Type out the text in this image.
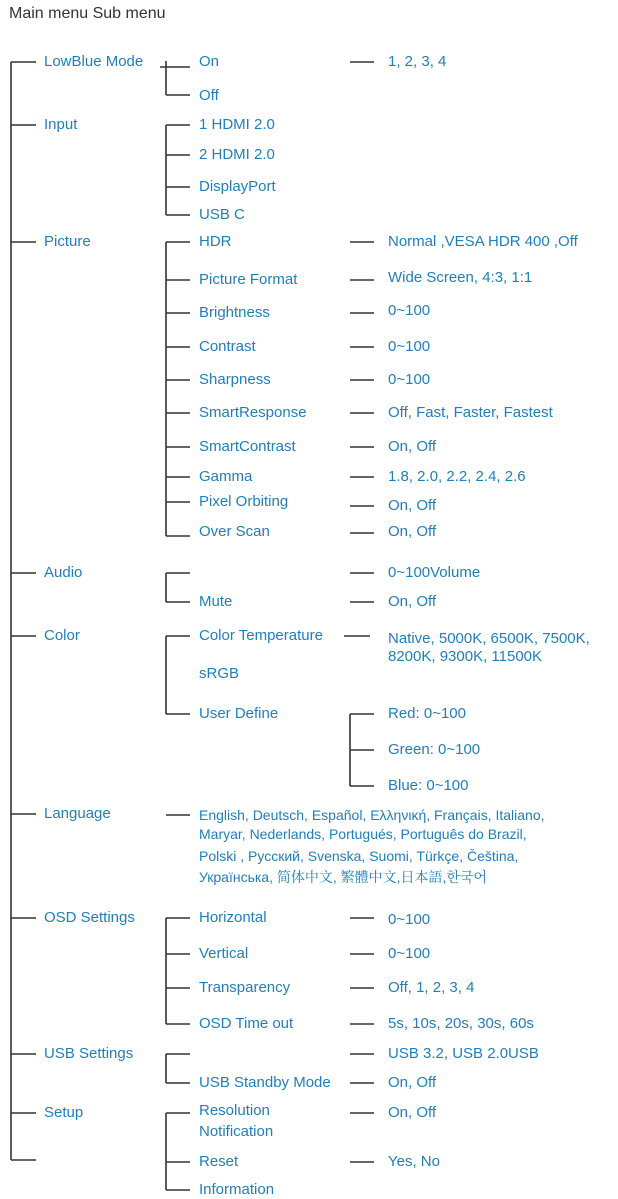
Main menu Sub menu
LowBlue Mode
Input
Picture
Audio
Color
Language
OSD Settings
USB Settings
Setup
On
Off
1, 2, 3, 4
1 HDMI 2.0
2 HDMI 2.0
DisplayPort
USB C
HDR
Picture Format
Brightness
Contrast
Sharpness
SmartResponse
SmartContrast
Gamma
Pixel Orbiting
Over Scan
Normal ,VESA HDR 400 ,Off
Wide Screen, 4:3, 1:1
0~100
0~100
0~100
Off, Fast, Faster, Fastest
On, Off
1.8, 2.0, 2.2, 2.4, 2.6
On, Off
On, Off
Mute
0~100Volume
On, Off
Color Temperature
sRGB
User Define
Native, 5000K, 6500K, 7500K,
8200K, 9300K, 11500K
Red: 0~100
Green: 0~100
Blue: 0~100
English, Deutsch, Español, Ελληνική, Français, Italiano,
Maryar, Nederlands, Portugués, Português do Brazil,
Polski , Русский, Svenska, Suomi, Türkçe, Čeština,
Українська, 简体中文, 繁體中文,日本語,한국어
Horizontal
Vertical
Transparency
OSD Time out
0~100
0~100
Off, 1, 2, 3, 4
5s, 10s, 20s, 30s, 60s
USB Standby Mode
USB 3.2, USB 2.0USB
On, Off
Resolution
Notification
Reset
Information
On, Off
Yes, No
